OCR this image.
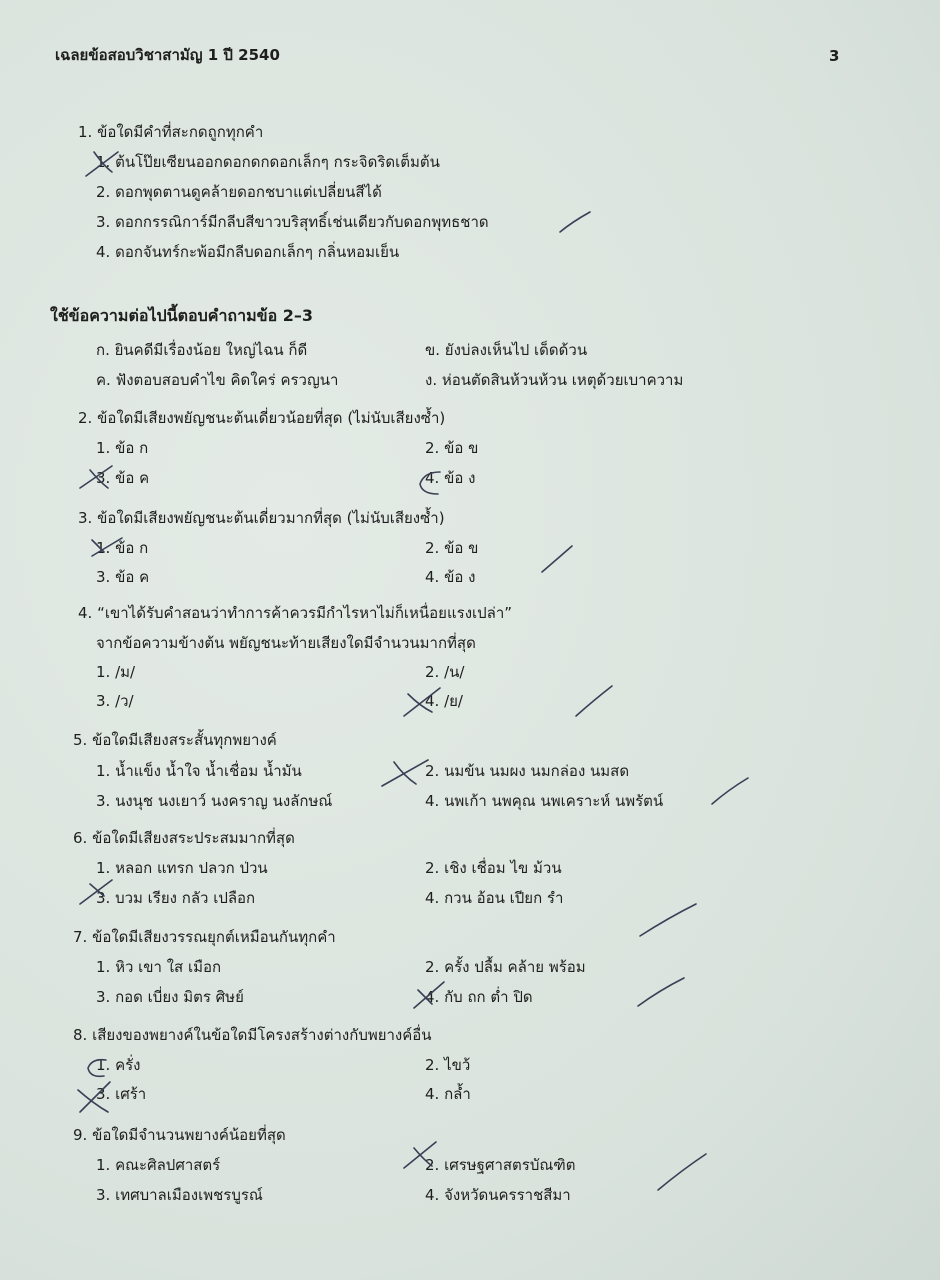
เฉลยข้อสอบวิชาสามัญ 1 ปี 2540	3
1. ข้อใดมีคำที่สะกดถูกทุกคำ
1. ต้นโป๊ยเซียนออกดอกดกดอกเล็กๆ กระจิดริดเต็มต้น
2. ดอกพุดตานดูคล้ายดอกชบาแต่เปลี่ยนสีได้
3. ดอกกรรณิการ์มีกลีบสีขาวบริสุทธิ์เช่นเดียวกับดอกพุทธชาด
4. ดอกจันทร์กะพ้อมีกลีบดอกเล็กๆ กลิ่นหอมเย็น
ใช้ข้อความต่อไปนี้ตอบคำถามข้อ 2–3
ก. ยินคดีมีเรื่องน้อย ใหญ่ไฉน ก็ดี	ข. ยังบ่ลงเห็นไป เด็ดด้วน
ค. ฟังตอบสอบคำไข คิดใคร่ ครวญนา	ง. ห่อนตัดสินห้วนห้วน เหตุด้วยเบาความ
2. ข้อใดมีเสียงพยัญชนะต้นเดี่ยวน้อยที่สุด (ไม่นับเสียงซ้ำ)
1. ข้อ ก	2. ข้อ ข
3. ข้อ ค	4. ข้อ ง
3. ข้อใดมีเสียงพยัญชนะต้นเดี่ยวมากที่สุด (ไม่นับเสียงซ้ำ)
1. ข้อ ก	2. ข้อ ข
3. ข้อ ค	4. ข้อ ง
4. “เขาได้รับคำสอนว่าทำการค้าควรมีกำไรหาไม่ก็เหนื่อยแรงเปล่า”
จากข้อความข้างต้น พยัญชนะท้ายเสียงใดมีจำนวนมากที่สุด
1. /ม/	2. /น/
3. /ว/	4. /ย/
5. ข้อใดมีเสียงสระสั้นทุกพยางค์
1. น้ำแข็ง น้ำใจ น้ำเชื่อม น้ำมัน	2. นมข้น นมผง นมกล่อง นมสด
3. นงนุช นงเยาว์ นงคราญ นงลักษณ์	4. นพเก้า นพคุณ นพเคราะห์ นพรัตน์
6. ข้อใดมีเสียงสระประสมมากที่สุด
1. หลอก แทรก ปลวก ป่วน	2. เชิง เชื่อม ไข ม้วน
3. บวม เรียง กลัว เปลือก	4. กวน อ้อน เปียก รำ
7. ข้อใดมีเสียงวรรณยุกต์เหมือนกันทุกคำ
1. หิว เขา ใส เมือก	2. ครั้ง ปลื้ม คล้าย พร้อม
3. กอด เบี่ยง มิตร ศิษย์	4. กับ ถก ต่ำ ปิด
8. เสียงของพยางค์ในข้อใดมีโครงสร้างต่างกับพยางค์อื่น
1. ครั่ง	2. ไขว้
3. เศร้า	4. กล้ำ
9. ข้อใดมีจำนวนพยางค์น้อยที่สุด
1. คณะศิลปศาสตร์	2. เศรษฐศาสตรบัณฑิต
3. เทศบาลเมืองเพชรบูรณ์	4. จังหวัดนครราชสีมา
